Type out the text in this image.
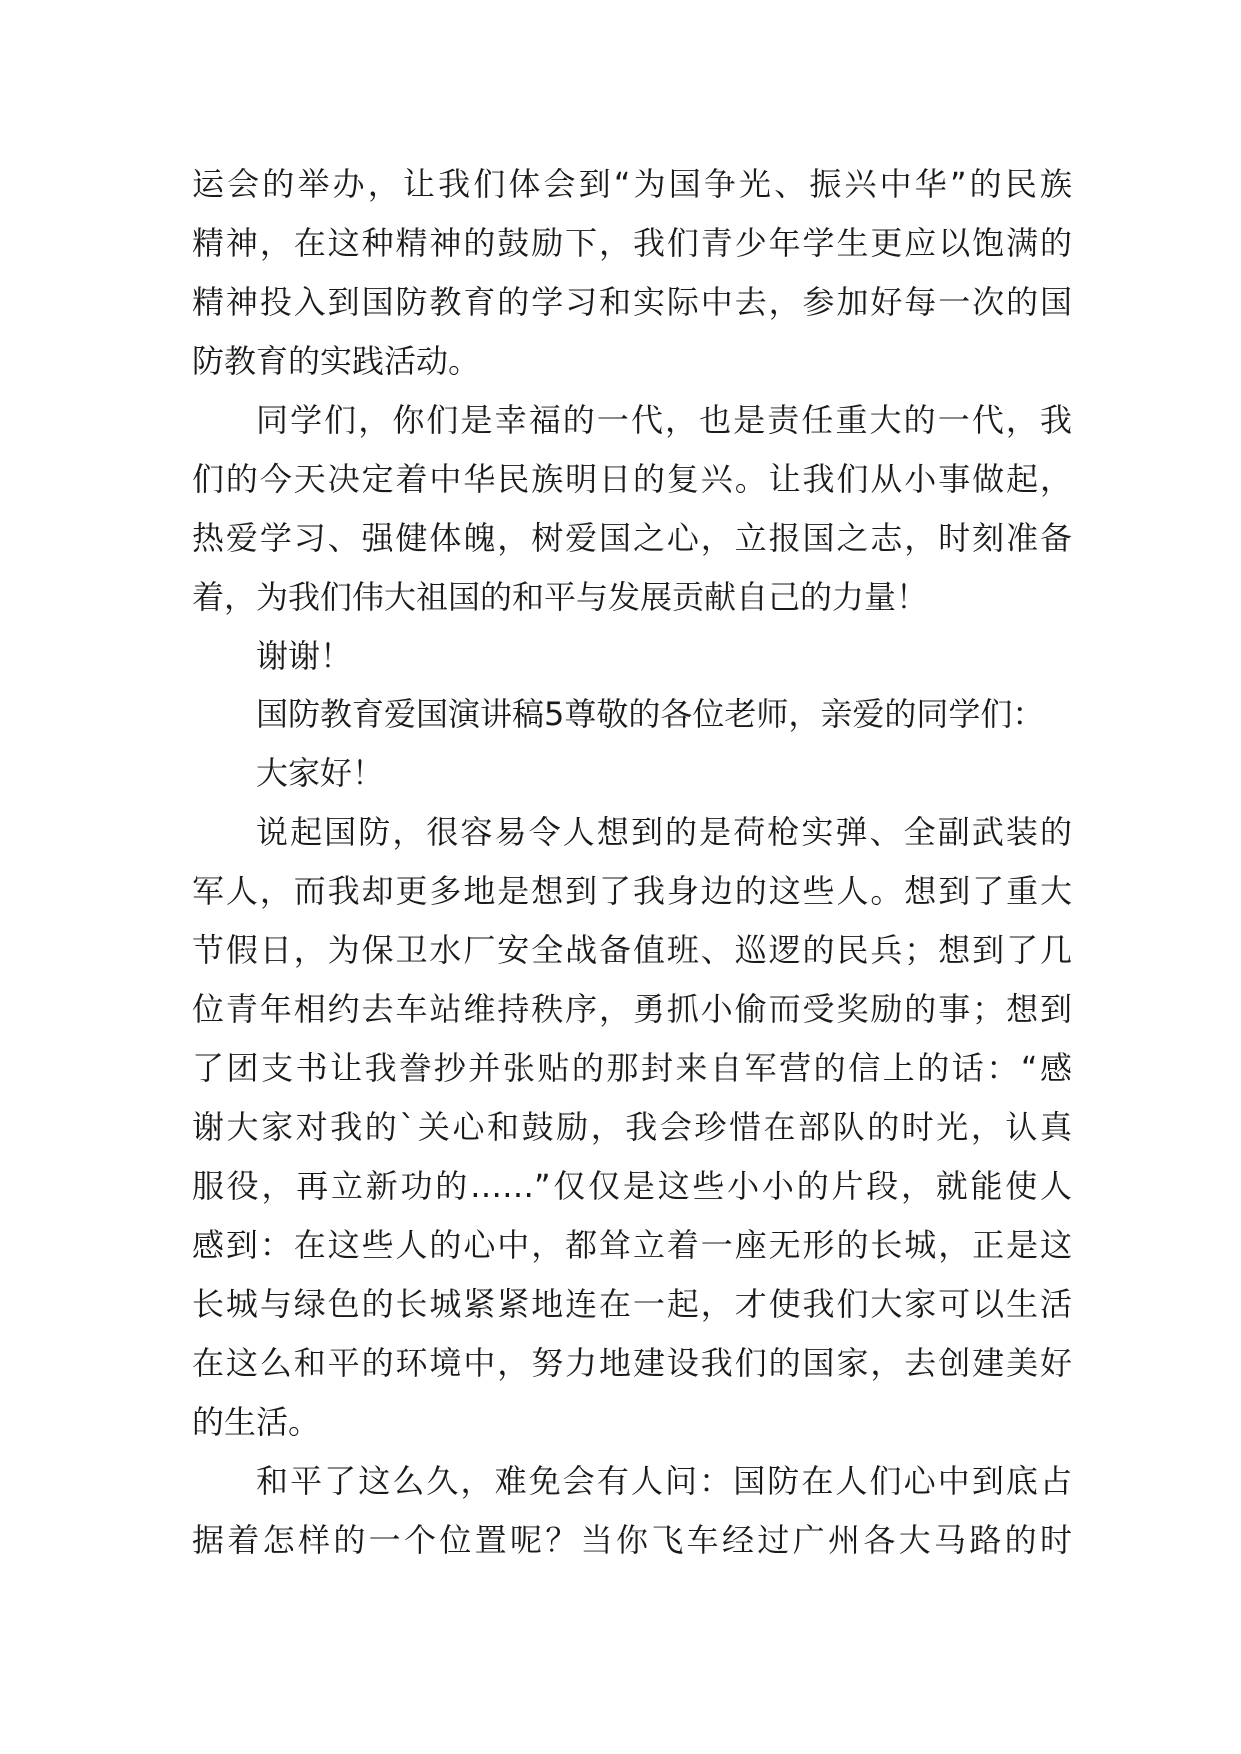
运会的举办，让我们体会到“为国争光、振兴中华”的民族
精神，在这种精神的鼓励下，我们青少年学生更应以饱满的
精神投入到国防教育的学习和实际中去，参加好每一次的国
防教育的实践活动。
同学们，你们是幸福的一代，也是责任重大的一代，我
们的今天决定着中华民族明日的复兴。让我们从小事做起，
热爱学习、强健体魄，树爱国之心，立报国之志，时刻准备
着，为我们伟大祖国的和平与发展贡献自己的力量！
谢谢！
国防教育爱国演讲稿5尊敬的各位老师，亲爱的同学们：
大家好！
说起国防，很容易令人想到的是荷枪实弹、全副武装的
军人，而我却更多地是想到了我身边的这些人。想到了重大
节假日，为保卫水厂安全战备值班、巡逻的民兵；想到了几
位青年相约去车站维持秩序，勇抓小偷而受奖励的事；想到
了团支书让我誊抄并张贴的那封来自军营的信上的话：“感
谢大家对我的`关心和鼓励，我会珍惜在部队的时光，认真
服役，再立新功的……”仅仅是这些小小的片段，就能使人
感到：在这些人的心中，都耸立着一座无形的长城，正是这
长城与绿色的长城紧紧地连在一起，才使我们大家可以生活
在这么和平的环境中，努力地建设我们的国家，去创建美好
的生活。
和平了这么久，难免会有人问：国防在人们心中到底占
据着怎样的一个位置呢？当你飞车经过广州各大马路的时
